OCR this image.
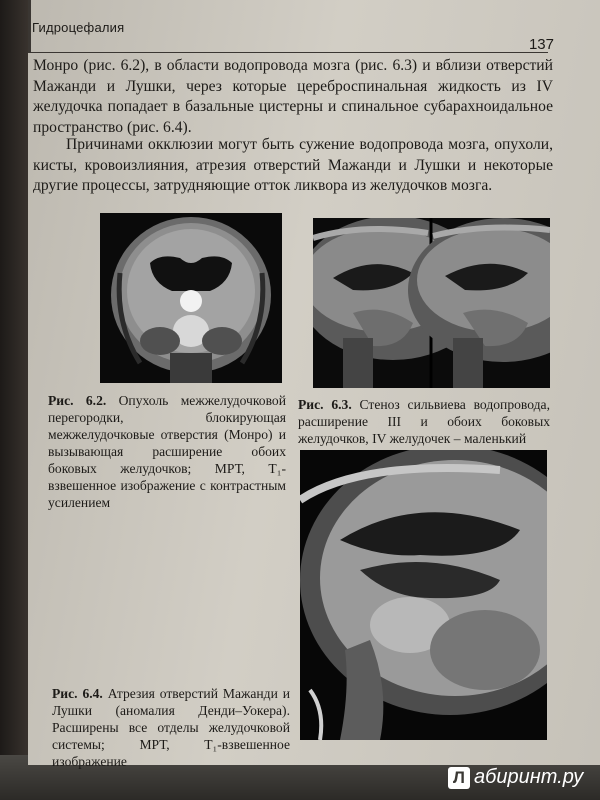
Гидроцефалия
137

Монро (рис. 6.2), в области водопровода мозга (рис. 6.3) и вблизи отверстий Мажанди и Лушки, через которые цереброспинальная жидкость из IV желудочка попадает в базальные цистерны и спинальное субарахноидальное пространство (рис. 6.4).

Причинами окклюзии могут быть сужение водопровода мозга, опухоли, кисты, кровоизлияния, атрезия отверстий Мажанди и Лушки и некоторые другие процессы, затрудняющие отток ликвора из желудочков мозга.

Рис. 6.2. Опухоль межжелудочковой перегородки, блокирующая межжелудочковые отверстия (Монро) и вызывающая расширение обоих боковых желудочков; МРТ, T₁-взвешенное изображение с контрастным усилением

Рис. 6.3. Стеноз сильвиева водопровода, расширение III и обоих боковых желудочков, IV желудочек – маленький

Рис. 6.4. Атрезия отверстий Мажанди и Лушки (аномалия Денди–Уокера). Расширены все отделы желудочковой системы; МРТ, T₁-взвешенное изображение

Л абиринт.ру
